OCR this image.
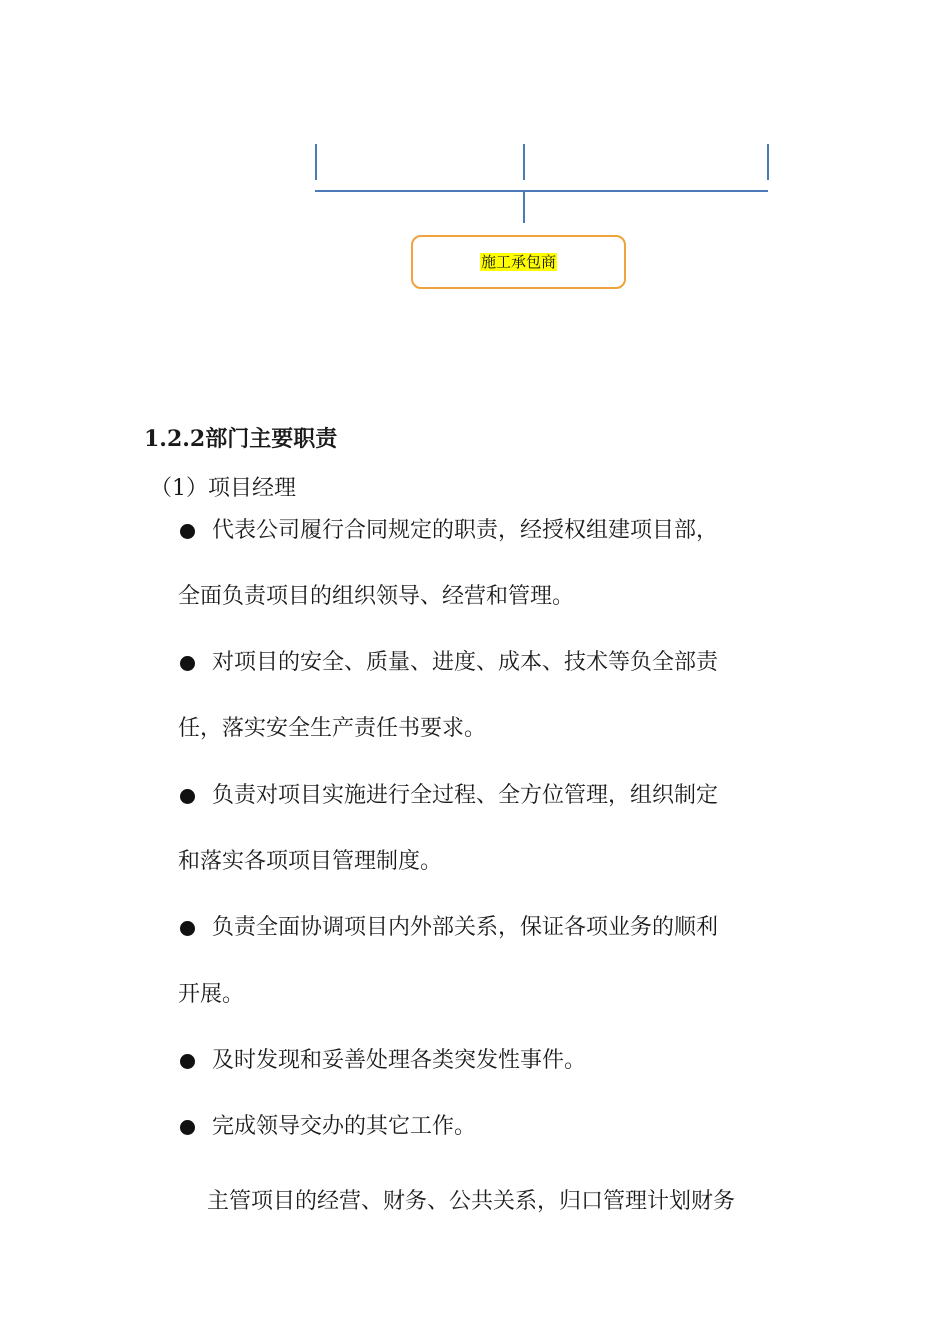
施工承包商
1.2.2部门主要职责
（1）项目经理
代表公司履行合同规定的职责，经授权组建项目部，
全面负责项目的组织领导、经营和管理。
对项目的安全、质量、进度、成本、技术等负全部责
任，落实安全生产责任书要求。
负责对项目实施进行全过程、全方位管理，组织制定
和落实各项项目管理制度。
负责全面协调项目内外部关系，保证各项业务的顺利
开展。
及时发现和妥善处理各类突发性事件。
完成领导交办的其它工作。
主管项目的经营、财务、公共关系，归口管理计划财务
